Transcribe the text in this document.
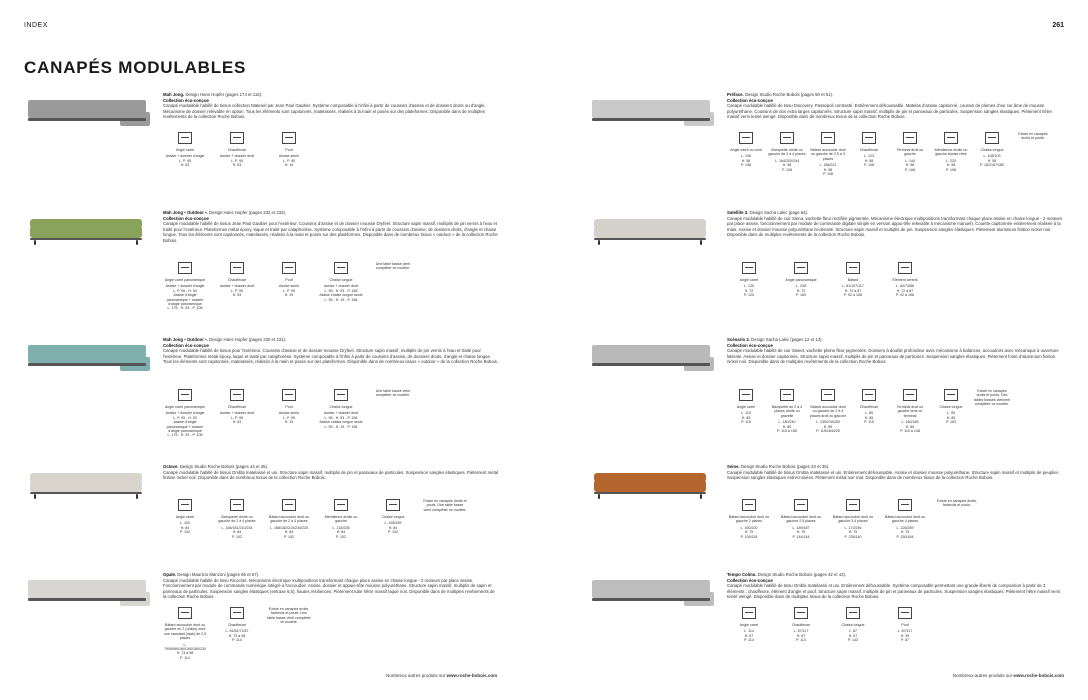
INDEX	261
CANAPÉS MODULABLES
Mah Jong. Design Hans Hopfer (pages 174 et 115).
Collection éco-conçue
Canapé modulable habillé de tissus collection Materiel par Jean Paul Gaultier. Système composable à l'infini à partir de coussins d'assise et de dossiers droits ou d'angle. Mécanisme de dossier relevable en option. Tous les éléments sont capitonnés, matelassés, réalisés à la main et posés sur des plateformes. Disponible dans de multiples revêtements de la collection Roche Bobois.
Angle carré
Assise + dossier d'angle
L. P. 95
H. 53
Chauffeuse
Assise + dossier droit
L. P. 95
H. 53
Pouf
Assise seule
L. P. 95
H. 19
Mah Jong • Outdoor •. Design Hans Hopfer (pages 232 et 233).
Collection éco-conçue
Canapé modulable habillé de tissus Jean Paul Gaultier pour l'extérieur. Coussins d'assise et de dossier mousse Dryfeel. Structure sapin massif, multiplis de pin vernis à l'eau et traité pour l'extérieur. Plateformes métal époxy, laqué et traité par cataphorèse. Système composable à l'infini à partir de coussins d'assise, de dossiers droits, d'angle et chaise longue. Tous les éléments sont capitonnés, matelassés, réalisés à la main et posés sur des plateformes. Disponible dans de nombreux tissus « outdoor » de la collection Roche Bobois.
Angle carré panoramique
Assise + dossier d'angle
L. P. 95 - H. 53
Assise d'angle panoramique + dossier d'angle panoramique
L. 175 - H. 53 - P. 106
Chauffeuse
Assise + dossier droit
L. P. 95
H. 53
Pouf
Assise seule
L. P. 95
H. 19
Chaise longue
Assise + dossier droit
L. 95 - H. 53 - P. 158
Assise chaise longue seule
L. 95 - H. 19 - P. 158
Une table basse vient compléter ce modèle.
Mah Jong • Outdoor •. Design Hans Hopfer (pages 230 et 231).
Collection éco-conçue
Canapé modulable habillé de tissus pour l'extérieur. Coussins d'assise et de dossier mousse Dryfeel. Structure sapin massif, multiplis de pin vernis à l'eau et traité pour l'extérieur. Plateformes métal époxy, laqué et traité par cataphorèse. Système composable à l'infini à partir de coussins d'assise, de dossiers droits, d'angle et chaise longue. Tous les éléments sont capitonnés, matelassés, réalisés à la main et posés sur des plateformes. Disponible dans de nombreux tissus « outdoor » de la collection Roche Bobois.
Angle carré panoramique
Assise + dossier d'angle
L. P. 95 - H. 53
Assise d'angle panoramique + dossier d'angle panoramique
L. 175 - H. 53 - P. 106
Chauffeuse
Assise + dossier droit
L. P. 95
H. 53
Pouf
Assise seule
L. P. 95
H. 19
Chaise longue
Assise + dossier droit
L. 95 - H. 53 - P. 158
Assise chaise longue seule
L. 95 - H. 19 - P. 158
Une table basse vient compléter ce modèle.
Octave. Design Studio Roche Bobois (pages 44 et 45).
Canapé modulable habillé de tissus Ombla matelassé et uni. Structure sapin massif, multiplis de pin et panneaux de particules. Suspension sangles élastiques. Piètement métal finition nickel noir. Disponible dans de nombreux tissus de la collection Roche Bobois.
Angle carré
L. 102
H. 84
P. 102
Banquette droite ou gauche de 2 à 4 places
L. 168/181/210/234
H. 84
P. 102
Bâtard accoudoir droit ou gauche de 2 à 4 places
L. 168/182/210/234/225
H. 84
P. 102
Méridienne droite ou gauche
L. 218/226
H. 84
P. 102
Chaise longue
L. 165/189
H. 84
P. 102
Existe en canapés droits et poufs. Une table basse vient compléter ce modèle.
Opale. Design Maurizio Manzoni (pages 66 et 67).
Canapé modulable habillé de tissu Ricochet. Mécanisme électrique multipositions transformant chaque place assise en chaise longue - 2 moteurs par place assise. Fonctionnement par module de commande numérique intégré à l'accoudoir. Assise, dossier et appuie-tête mousse polyuréthane. Structure sapin massif, multiplis de sapin et panneaux de particules. Suspension sangles élastiques (entraxe 6,5), hautes résiliences. Piètement tube hêtre massif laqué noir. Disponible dans de multiples revêtements de la collection Roche Bobois.
Bâtard accoudoir droit ou gauche en 2 (unités) dont une standard (stab) de 2,5 places
L. 79/99/89/160/160/180/230
H. 73 à 98
P. 114
Chauffeuse
L. 81/81/71/87
H. 73 à 98
P. 114
Existe en canapés droits, fauteuils et poufs. Une table basse vient compléter ce modèle.
Préface. Design Studio Roche Bobois (pages 50 et 51).
Collection éco-conçue
Canapé modulable habillé de tissu Discovery. Passepoil contrasté. Entièrement déhoussable. Matelas d'assise capitonné, coussin de plumes d'oie sur âme de mousse polyuréthane. Coussins de dos extra larges capitonnés. Structure sapin massif, multiplis de pin et panneaux de particules. Suspension sangles élastiques. Piètement hêtre massif verni teinté wengé. Disponible dans de nombreux tissus de la collection Roche Bobois.
Angle carré ou rond
L. 108
H. 58
P. 108
Banquette droite ou gauche de 3 à 4 places
L. 164/200/244
H. 58
P. 108
Bâtard accoudoir droit ou gauche de 2,5 à 3 places
L. 186/221
H. 58
P. 108
Chauffeuse
L. 123
H. 58
P. 108
Terminal droit ou gauche
L. 144
H. 58
P. 108
Méridienne droite ou gauche Assise rétro
L. 220
H. 58
P. 108
Chaise longue
L. 108/103
H. 58
P. 152/167/180
Existe en canapés droits et poufs.
Satellite 3. Design Sacha Lakic (page 64).
Canapé modulable habillé de cuir Siena, vachette fleur rectifiée pigmentée. Mécanisme électrique multipositions transformant chaque place assise en chaise longue - 2 moteurs par place assise, fonctionnement par module de commande digitale simple en version appui-tête relevable à mécanisme manuel). Couette capitonnée entièrement réalisée à la main. Assise et dossier mousse polyuréthane bi-densité. Structure sapin massif et multiplis de pin. Suspension sangles élastiques. Piètement aluminium finition nickel noir. Disponible dans de multiples revêtements de la collection Roche Bobois.
Angle carré
L. 120
H. 72
P. 120
Angle panoramique
L. 228
H. 72
P. 160
Bâtard
L. 81/107/117
H. 72 à 87
P. 92 à 156
Élément central
L. 84/74/86
H. 72 à 87
P. 92 à 156
Scénario 2. Design Sacha Lakic (pages 12 et 13).
Collection éco-conçue
Canapé modulable habillé de cuir Sweet, vachette pleine fleur pigmentée. Dossiers à double profondeur avec mécanisme à balancier, accoudoirs avec mécanique à ouverture latérale. Assise et dossier capitonnés. Structure sapin massif, multiplis de pin et panneaux de particules. Suspension sangles élastiques. Piètement fonte d'aluminium finition nickel noir. Disponible dans de multiples revêtements de la collection Roche Bobois.
Angle carré
L. 115
H. 85
P. 115
Banquette de 2 à 4 places droite ou gravelle
L. 180/240
H. 85
P. 115 à 155
Bâtard accoudoir droit ou gauche de 2 à 4 places droit ou gauche
L. 135/218/250
H. 85
P. 115/164/225
Chauffeuse
L. 85
H. 85
P. 115
Terminal droit ou gauche droit ou terminal
L. 160/185
H. 85
P. 115 à 148
Chaise longue
L. 95
H. 85
P. 163
Existe en canapés droits et poufs. Des tables basses viennent compléter ce modèle.
Seine. Design Studio Roche Bobois (pages 34 et 35).
Canapé modulable habillé de tissus Ombla matelassé et uni. Entièrement déhoussable. Assise et dossier mousse polyuréthane. Structure sapin massif et multiplis de peuplier. Suspension sangles élastiques entrecroisées. Piètement métal noir mat. Disponible dans de nombreux tissus de la collection Roche Bobois.
Bâtard accoudoir droit ou gauche 2 places
L. 160/220
H. 75
P. 105/118
Bâtard accoudoir droit ou gauche 2,5 places
L. 189/187
H. 75
P. 144/144
Bâtard accoudoir droit ou gauche 3-4 places
L. 172/246
H. 75
P. 235/140
Bâtard accoudoir droit ou gauche 4 places
L. 226/289
H. 75
P. 150/164
Existe en canapés droits, fauteuils et poufs.
Tempo Colmo. Design Studio Roche Bobois (pages 42 et 43).
Collection éco-conçue
Canapé modulable habillé de tissu Ombla matelassé et uni. Entièrement déhoussable. Système composable permettant une grande liberté de composition à partir de 3 éléments : chauffeuse, élément d'angle et pouf. Structure sapin massif, multiplis de pin et panneaux de particules. Suspension sangles élastiques. Piètement hêtre massif verni teinté wengé. Disponible dans de multiples tissus de la collection Roche Bobois.
Angle carré
L. 114
H. 67
P. 114
Chauffeuse
L. 87/117
H. 67
P. 114
Chaise longue
L. 87
H. 67
P. 143
Pouf
L. 87/117
H. 39
P. 87
Nombreux autres produits sur www.roche-bobois.com	Nombreux autres produits sur www.roche-bobois.com
